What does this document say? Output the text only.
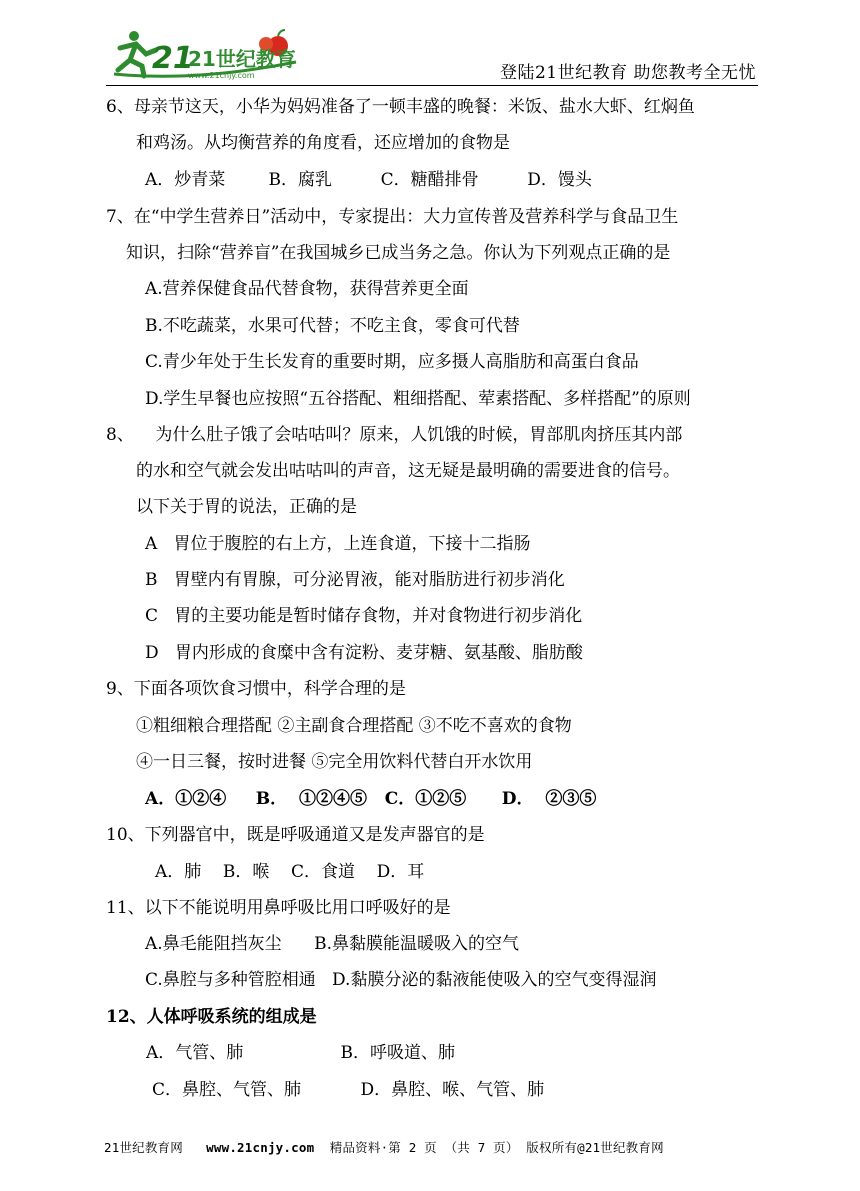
21
21世纪教育
www.21cnjy.com	登陆21世纪教育 助您教考全无忧
6、母亲节这天，小华为妈妈准备了一顿丰盛的晚餐：米饭、盐水大虾、红焖鱼
和鸡汤。从均衡营养的角度看，还应增加的食物是
A．炒青菜        B．腐乳         C．糖醋排骨         D．馒头
7、在“中学生营养日”活动中，专家提出：大力宣传普及营养科学与食品卫生
知识，扫除“营养盲”在我国城乡已成当务之急。你认为下列观点正确的是
A.营养保健食品代替食物，获得营养更全面
B.不吃蔬菜，水果可代替；不吃主食，零食可代替
C.青少年处于生长发育的重要时期，应多摄人高脂肪和高蛋白食品
D.学生早餐也应按照“五谷搭配、粗细搭配、荤素搭配、多样搭配”的原则
8、    为什么肚子饿了会咕咕叫？原来，人饥饿的时候，胃部肌肉挤压其内部
的水和空气就会发出咕咕叫的声音，这无疑是最明确的需要进食的信号。
以下关于胃的说法，正确的是
A   胃位于腹腔的右上方，上连食道，下接十二指肠
B   胃壁内有胃腺，可分泌胃液，能对脂肪进行初步消化
C   胃的主要功能是暂时储存食物，并对食物进行初步消化
D   胃内形成的食糜中含有淀粉、麦芽糖、氨基酸、脂肪酸
9、下面各项饮食习惯中，科学合理的是
①粗细粮合理搭配 ②主副食合理搭配 ③不吃不喜欢的食物
④一日三餐，按时进餐 ⑤完全用饮料代替白开水饮用
A．①②④     B．  ①②④⑤   C．①②⑤      D．  ②③⑤
10、下列器官中，既是呼吸通道又是发声器官的是
A．肺    B．喉    C．食道    D．耳
11、以下不能说明用鼻呼吸比用口呼吸好的是
A.鼻毛能阻挡灰尘      B.鼻黏膜能温暖吸入的空气
C.鼻腔与多种管腔相通   D.黏膜分泌的黏液能使吸入的空气变得湿润
12、人体呼吸系统的组成是
A．气管、肺                  B．呼吸道、肺
C．鼻腔、气管、肺           D．鼻腔、喉、气管、肺
21世纪教育网 www.21cnjy.com 精品资料·第 2 页 （共 7 页） 版权所有@21世纪教育网
